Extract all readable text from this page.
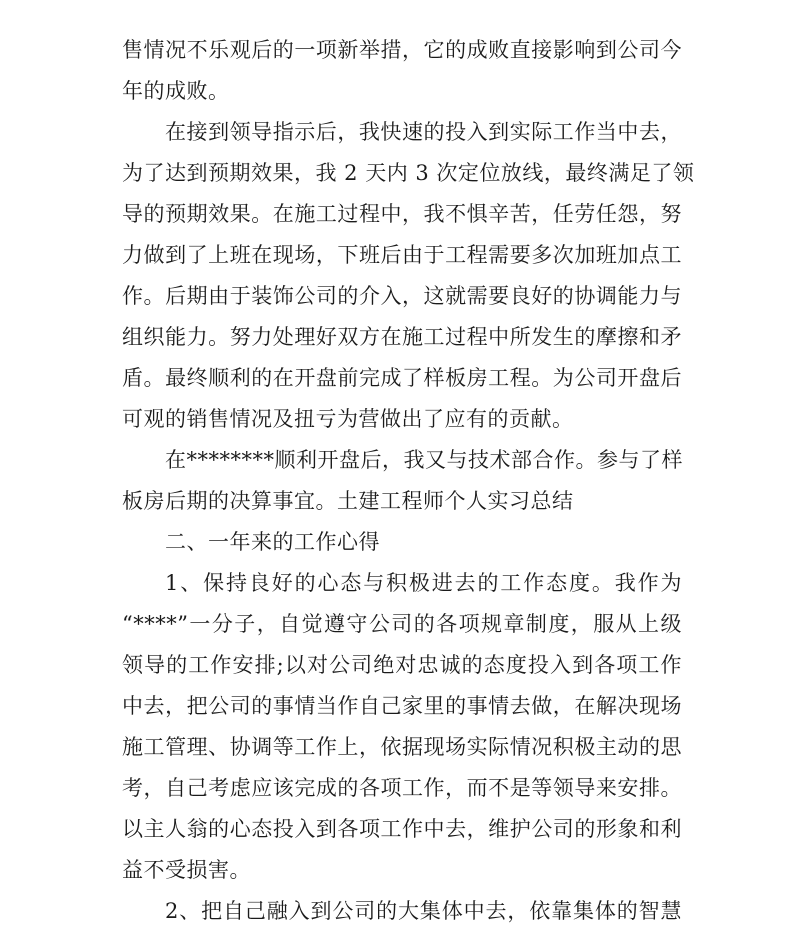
售情况不乐观后的一项新举措，它的成败直接影响到公司今
年的成败。
在接到领导指示后，我快速的投入到实际工作当中去，
为了达到预期效果，我 2 天内 3 次定位放线，最终满足了领
导的预期效果。在施工过程中，我不惧辛苦，任劳任怨，努
力做到了上班在现场，下班后由于工程需要多次加班加点工
作。后期由于装饰公司的介入，这就需要良好的协调能力与
组织能力。努力处理好双方在施工过程中所发生的摩擦和矛
盾。最终顺利的在开盘前完成了样板房工程。为公司开盘后
可观的销售情况及扭亏为营做出了应有的贡献。
在********顺利开盘后，我又与技术部合作。参与了样
板房后期的决算事宜。土建工程师个人实习总结
二、一年来的工作心得
1、保持良好的心态与积极进去的工作态度。我作为
“****”一分子，自觉遵守公司的各项规章制度，服从上级
领导的工作安排;以对公司绝对忠诚的态度投入到各项工作
中去，把公司的事情当作自己家里的事情去做，在解决现场
施工管理、协调等工作上，依据现场实际情况积极主动的思
考，自己考虑应该完成的各项工作，而不是等领导来安排。
以主人翁的心态投入到各项工作中去，维护公司的形象和利
益不受损害。
2、把自己融入到公司的大集体中去，依靠集体的智慧
